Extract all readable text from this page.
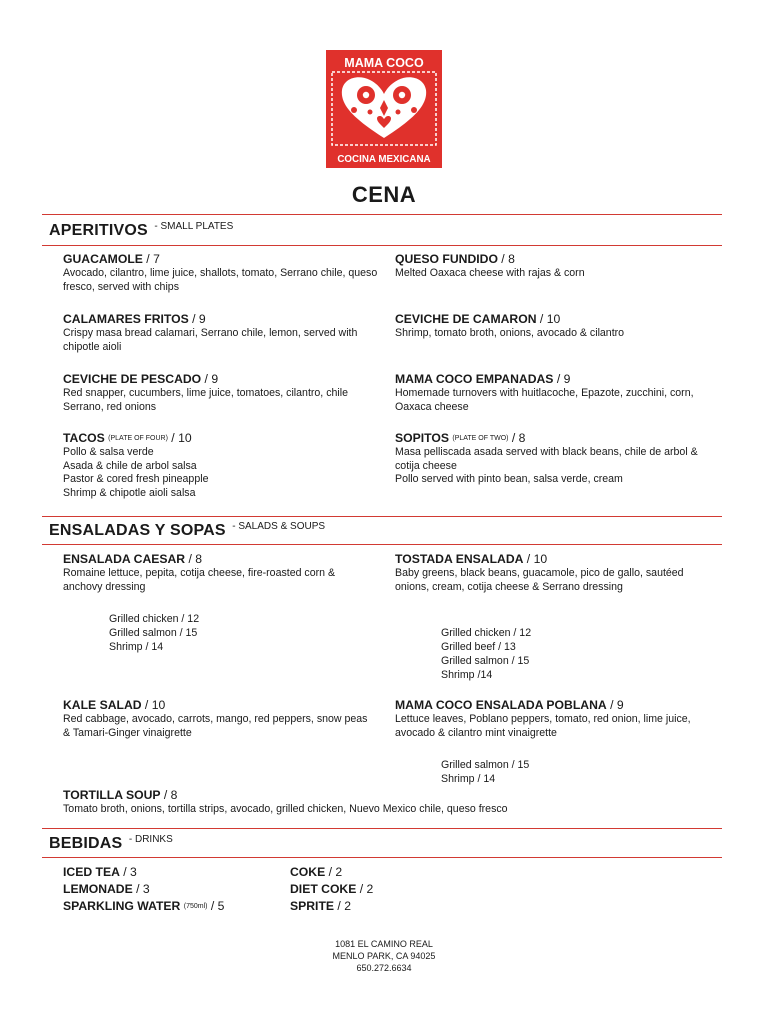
MAMA COCO
COCINA MEXICANA
CENA
APERITIVOS $^{- SMALL PLATES}$
GUACAMOLE / 7
Avocado, cilantro, lime juice, shallots, tomato, Serrano chile, queso fresco, served with chips
QUESO FUNDIDO / 8
Melted Oaxaca cheese with rajas & corn
CALAMARES FRITOS / 9
Crispy masa bread calamari, Serrano chile, lemon, served with chipotle aioli
CEVICHE DE CAMARON / 10
Shrimp, tomato broth, onions, avocado & cilantro
CEVICHE DE PESCADO / 9
Red snapper, cucumbers, lime juice, tomatoes, cilantro, chile Serrano, red onions
MAMA COCO EMPANADAS / 9
Homemade turnovers with huitlacoche, Epazote, zucchini, corn, Oaxaca cheese
TACOS $^{(PLATE OF FOUR)}$ / 10
Pollo & salsa verde
Asada & chile de arbol salsa
Pastor & cored fresh pineapple
Shrimp & chipotle aioli salsa
SOPITOS $^{(PLATE OF TWO)}$ / 8
Masa pelliscada asada served with black beans, chile de arbol & cotija cheese
Pollo served with pinto bean, salsa verde, cream
ENSALADAS Y SOPAS $^{- SALADS \& SOUPS}$
ENSALADA CAESAR / 8
Romaine lettuce, pepita, cotija cheese, fire-roasted corn & anchovy dressing
Grilled chicken / 12
Grilled salmon / 15
Shrimp / 14
TOSTADA ENSALADA / 10
Baby greens, black beans, guacamole, pico de gallo, sautéed onions, cream, cotija cheese & Serrano dressing
Grilled chicken / 12
Grilled beef / 13
Grilled salmon / 15
Shrimp /14
KALE SALAD / 10
Red cabbage, avocado, carrots, mango, red peppers, snow peas & Tamari-Ginger vinaigrette
MAMA COCO ENSALADA POBLANA / 9
Lettuce leaves, Poblano peppers, tomato, red onion, lime juice, avocado & cilantro mint vinaigrette
Grilled salmon / 15
Shrimp / 14
TORTILLA SOUP / 8
Tomato broth, onions, tortilla strips, avocado, grilled chicken, Nuevo Mexico chile, queso fresco
BEBIDAS $^{- DRINKS}$
ICED TEA / 3
LEMONADE / 3
SPARKLING WATER $^{(750ml)}$ / 5
COKE / 2
DIET COKE / 2
SPRITE / 2
1081 EL CAMINO REAL
MENLO PARK, CA 94025
650.272.6634
